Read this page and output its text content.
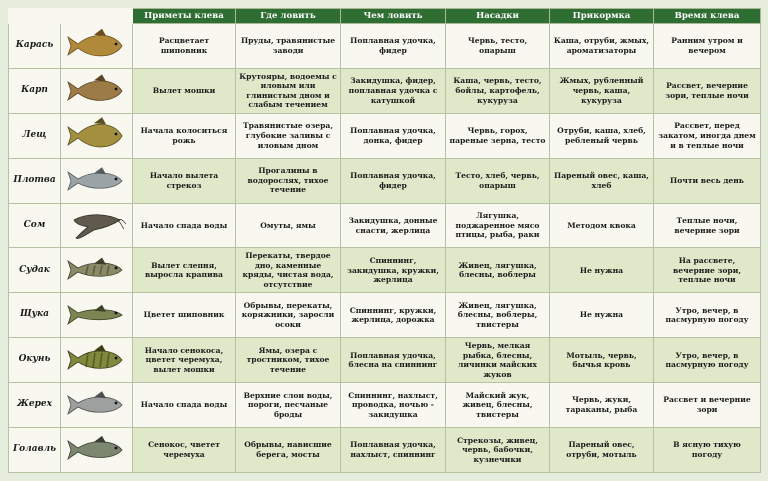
		Приметы клева	Где ловить	Чем ловить	Насадки	Прикормка	Время клева
Карась		Расцветает шиповник	Пруды, травянистые заводи	Поплавная удочка, фидер	Червь, тесто, опарыш	Каша, отруби, жмых, ароматизаторы	Ранним утром и вечером
Карп		Вылет мошки	Крутояры, водоемы с иловым или глинистым дном и слабым течением	Закидушка, фидер, поплавная удочка с катушкой	Каша, червь, тесто, бойлы, картофель, кукуруза	Жмых, рубленный червь, каша, кукуруза	Рассвет, вечерние зори, теплые ночи
Лещ		Начала колоситься рожь	Травянистые озера, глубокие заливы с иловым дном	Поплавная удочка, донка, фидер	Червь, горох, пареные зерна, тесто	Отруби, каша, хлеб, ребленый червь	Рассвет, перед закатом, иногда днем и в теплые ночи
Плотва		Начало вылета стрекоз	Прогалины в водорослях, тихое течение	Поплавная удочка, фидер	Тесто, хлеб, червь, опарыш	Пареный овес, каша, хлеб	Почти весь день
Сом		Начало спада воды	Омуты, ямы	Закидушка, донные снасти, жерлица	Лягушка, поджаренное мясо птицы, рыба, раки	Методом квока	Теплые ночи, вечерние зори
Судак		Вылет слепня, выросла крапива	Перекаты, твердое дно, каменные кряды, чистая вода, отсутствие	Спиннинг, закидушка, кружки, жерлица	Живец, лягушка, блесны, воблеры	Не нужна	На рассвете, вечерние зори, теплые ночи
Щука		Цветет шиповник	Обрывы, перекаты, коряжники, заросли осоки	Спиннинг, кружки, жерлица, дорожка	Живец, лягушка, блесны, воблеры, твистеры	Не нужна	Утро, вечер, в пасмурную погоду
Окунь		Начало сенокоса, цветет черемуха, вылет мошки	Ямы, озера с тростником, тихое течение	Поплавная удочка, блесна на спиннинг	Червь, мелкая рыбка, блесны, личинки майских жуков	Мотыль, червь, бычья кровь	Утро, вечер, в пасмурную погоду
Жерех		Начало спада воды	Верхние слои воды, пороги, песчаные броды	Спиннинг, нахлыст, проводка, ночью - закидушка	Майский жук, живец, блесны, твистеры	Червь, жуки, тараканы, рыба	Рассвет и вечерние зори
Голавль		Сенокос, чветет черемуха	Обрывы, нависшие берега, мосты	Поплавная удочка, нахлыст, спиннинг	Стрекозы, живец, червь, бабочки, кузнечики	Пареный овес, отруби, мотыль	В ясную тихую погоду
